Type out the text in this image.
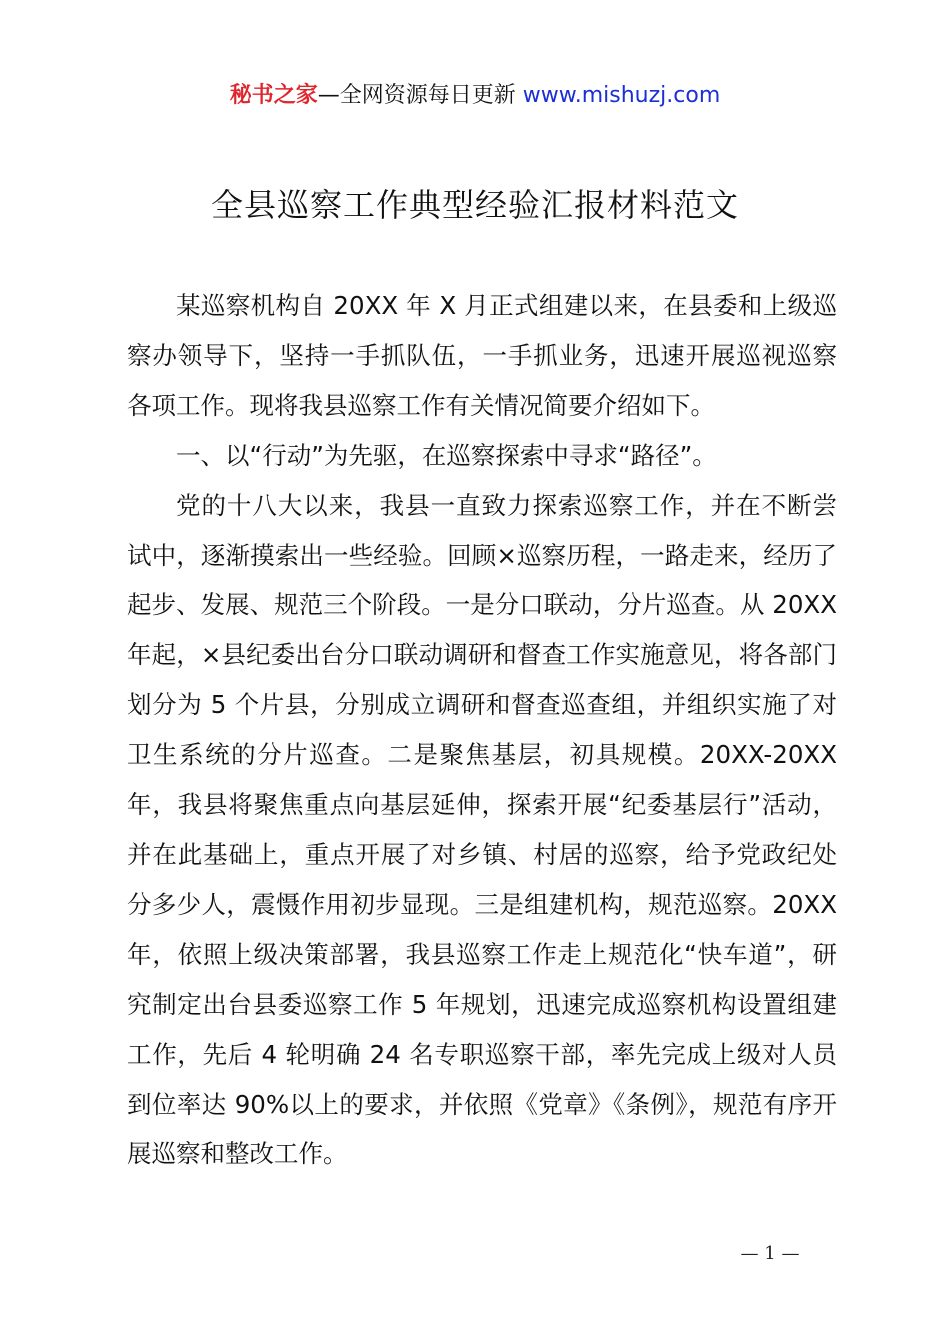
秘书之家—全网资源每日更新 www.mishuzj.com
全县巡察工作典型经验汇报材料范文

某巡察机构自 20XX 年 X 月正式组建以来，在县委和上级巡察办领导下，坚持一手抓队伍，一手抓业务，迅速开展巡视巡察各项工作。现将我县巡察工作有关情况简要介绍如下。

一、以“行动”为先驱，在巡察探索中寻求“路径”。

党的十八大以来，我县一直致力探索巡察工作，并在不断尝试中，逐渐摸索出一些经验。回顾×巡察历程，一路走来，经历了起步、发展、规范三个阶段。一是分口联动，分片巡查。从 20XX 年起，×县纪委出台分口联动调研和督查工作实施意见，将各部门划分为 5 个片县，分别成立调研和督查巡查组，并组织实施了对卫生系统的分片巡查。二是聚焦基层，初具规模。20XX-20XX 年，我县将聚焦重点向基层延伸，探索开展“纪委基层行”活动，并在此基础上，重点开展了对乡镇、村居的巡察，给予党政纪处分多少人，震慑作用初步显现。三是组建机构，规范巡察。20XX 年，依照上级决策部署，我县巡察工作走上规范化“快车道”，研究制定出台县委巡察工作 5 年规划，迅速完成巡察机构设置组建工作，先后 4 轮明确 24 名专职巡察干部，率先完成上级对人员到位率达 90%以上的要求，并依照《党章》《条例》，规范有序开展巡察和整改工作。

— 1 —
